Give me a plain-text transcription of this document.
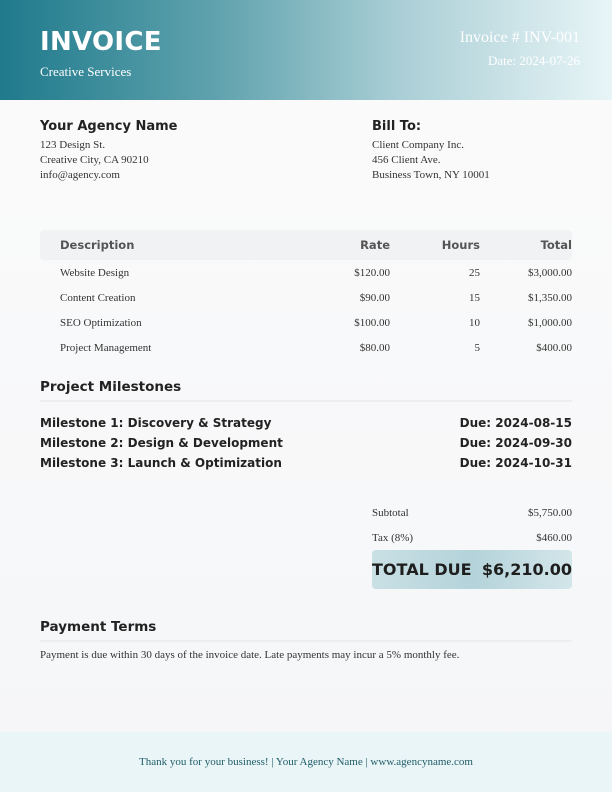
INVOICE
Creative Services
Invoice # INV-001
Date: 2024-07-26
Your Agency Name
123 Design St.
Creative City, CA 90210
info@agency.com
Bill To:
Client Company Inc.
456 Client Ave.
Business Town, NY 10001
Description	Rate	Hours	Total
Website Design	$120.00	25	$3,000.00
Content Creation	$90.00	15	$1,350.00
SEO Optimization	$100.00	10	$1,000.00
Project Management	$80.00	5	$400.00
Project Milestones
Milestone 1: Discovery & Strategy	Due: 2024-08-15
Milestone 2: Design & Development	Due: 2024-09-30
Milestone 3: Launch & Optimization	Due: 2024-10-31
Subtotal	$5,750.00
Tax (8%)	$460.00
TOTAL DUE $6,210.00
Payment Terms
Payment is due within 30 days of the invoice date. Late payments may incur a 5% monthly fee.
Thank you for your business! | Your Agency Name | www.agencyname.com
